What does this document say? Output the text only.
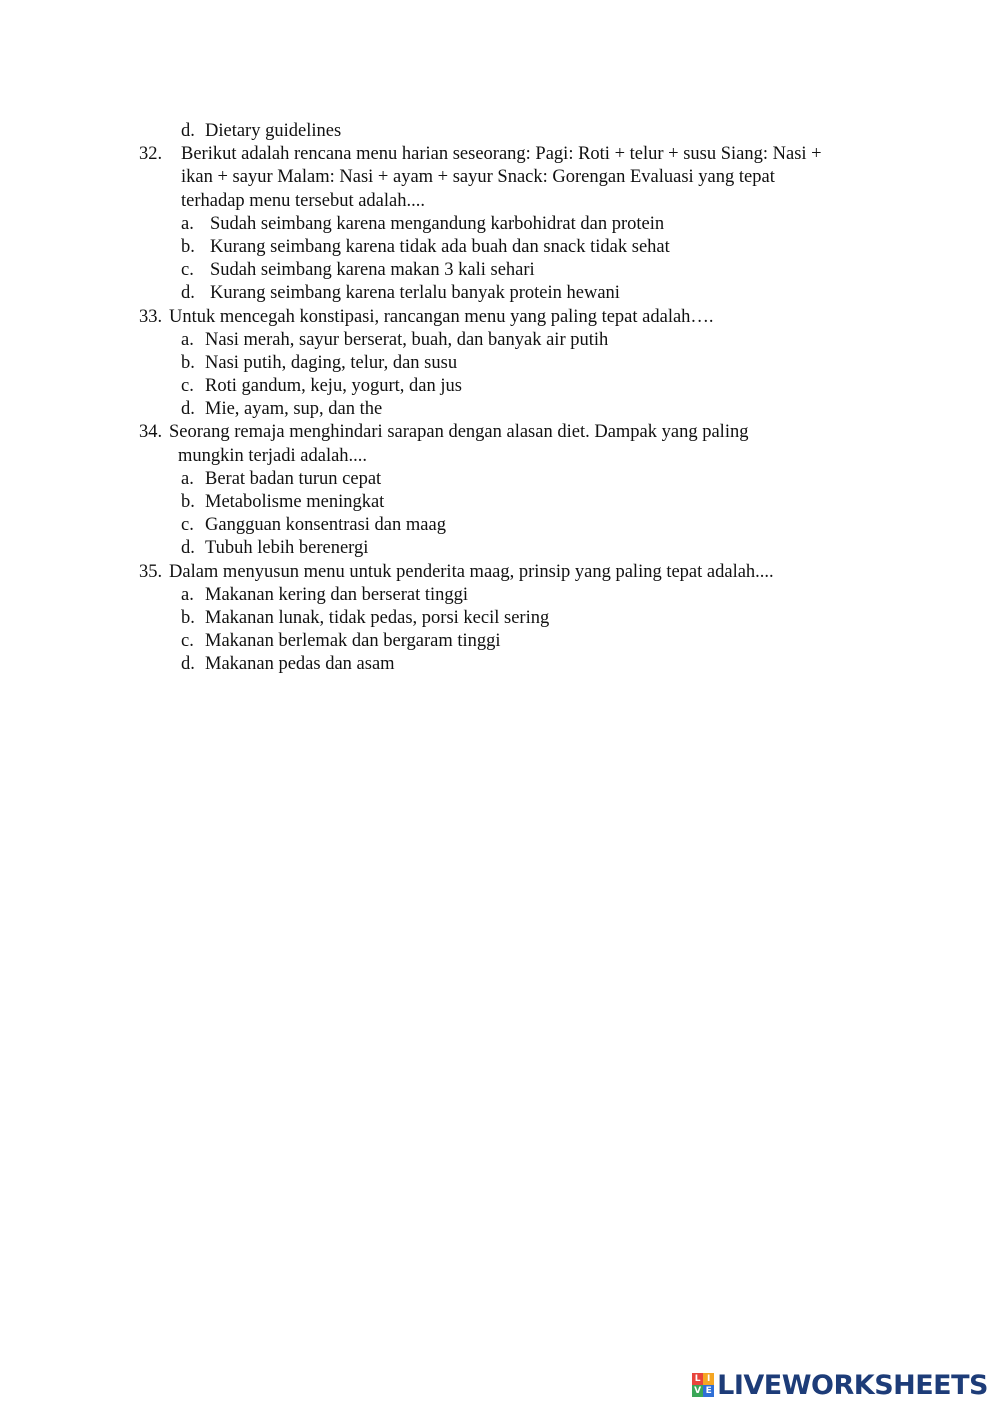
d. Dietary guidelines
32. Berikut adalah rencana menu harian seseorang: Pagi: Roti + telur + susu Siang: Nasi +
ikan + sayur Malam: Nasi + ayam + sayur Snack: Gorengan Evaluasi yang tepat
terhadap menu tersebut adalah....
a. Sudah seimbang karena mengandung karbohidrat dan protein
b. Kurang seimbang karena tidak ada buah dan snack tidak sehat
c. Sudah seimbang karena makan 3 kali sehari
d. Kurang seimbang karena terlalu banyak protein hewani
33. Untuk mencegah konstipasi, rancangan menu yang paling tepat adalah….
a. Nasi merah, sayur berserat, buah, dan banyak air putih
b. Nasi putih, daging, telur, dan susu
c. Roti gandum, keju, yogurt, dan jus
d. Mie, ayam, sup, dan the
34. Seorang remaja menghindari sarapan dengan alasan diet. Dampak yang paling
mungkin terjadi adalah....
a. Berat badan turun cepat
b. Metabolisme meningkat
c. Gangguan konsentrasi dan maag
d. Tubuh lebih berenergi
35. Dalam menyusun menu untuk penderita maag, prinsip yang paling tepat adalah....
a. Makanan kering dan berserat tinggi
b. Makanan lunak, tidak pedas, porsi kecil sering
c. Makanan berlemak dan bergaram tinggi
d. Makanan pedas dan asam
L I
V E LIVEWORKSHEETS
